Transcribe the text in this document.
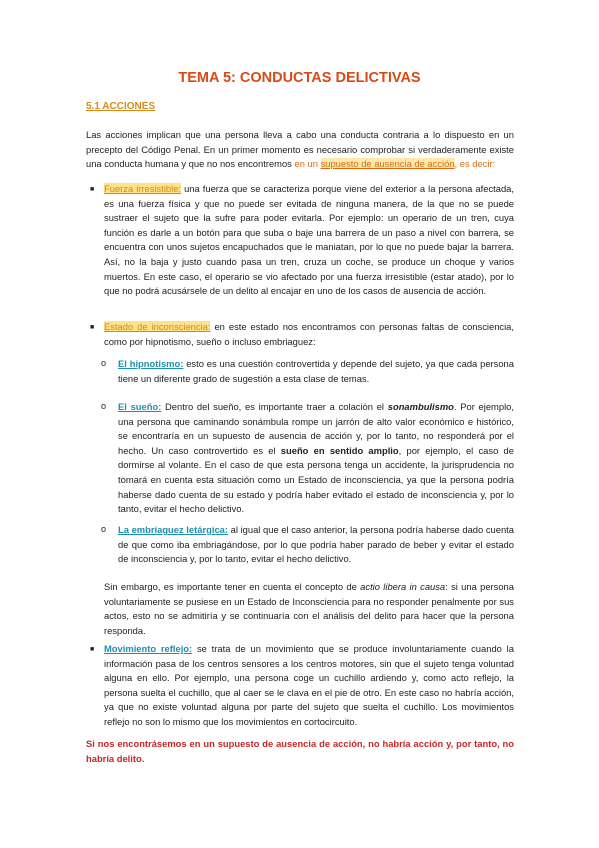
TEMA 5: CONDUCTAS DELICTIVAS
5.1 ACCIONES
Las acciones implican que una persona lleva a cabo una conducta contraria a lo dispuesto en un precepto del Código Penal. En un primer momento es necesario comprobar si verdaderamente existe una conducta humana y que no nos encontremos en un supuesto de ausencia de acción, es decir:
■ Fuerza irresistible: una fuerza que se caracteriza porque viene del exterior a la persona afectada, es una fuerza física y que no puede ser evitada de ninguna manera, de la que no se puede sustraer el sujeto que la sufre para poder evitarla. Por ejemplo: un operario de un tren, cuya función es darle a un botón para que suba o baje una barrera de un paso a nivel con barrera, se encuentra con unos sujetos encapuchados que le maniatan, por lo que no puede bajar la barrera. Así, no la baja y justo cuando pasa un tren, cruza un coche, se produce un choque y varios muertos. En este caso, el operario se vio afectado por una fuerza irresistible (estar atado), por lo que no podrá acusársele de un delito al encajar en uno de los casos de ausencia de acción.
■ Estado de inconsciencia: en este estado nos encontramos con personas faltas de consciencia, como por hipnotismo, sueño o incluso embriaguez:
o El hipnotismo: esto es una cuestión controvertida y depende del sujeto, ya que cada persona tiene un diferente grado de sugestión a esta clase de temas.
o El sueño: Dentro del sueño, es importante traer a colación el sonambulismo. Por ejemplo, una persona que caminando sonámbula rompe un jarrón de alto valor económico e histórico, se encontraría en un supuesto de ausencia de acción y, por lo tanto, no responderá por el hecho. Un caso controvertido es el sueño en sentido amplio, por ejemplo, el caso de dormirse al volante. En el caso de que esta persona tenga un accidente, la jurisprudencia no tomará en cuenta esta situación como un Estado de inconsciencia, ya que la persona podría haberse dado cuenta de su estado y podría haber evitado el estado de inconsciencia y, por lo tanto, evitar el hecho delictivo.
o La embriaguez letárgica: al igual que el caso anterior, la persona podría haberse dado cuenta de que como iba embriagándose, por lo que podría haber parado de beber y evitar el estado de inconsciencia y, por lo tanto, evitar el hecho delictivo.
Sin embargo, es importante tener en cuenta el concepto de actio libera in causa: si una persona voluntariamente se pusiese en un Estado de Inconsciencia para no responder penalmente por sus actos, esto no se admitiría y se continuaría con el análisis del delito para hacer que la persona responda.
■ Movimiento reflejo: se trata de un movimiento que se produce involuntariamente cuando la información pasa de los centros sensores a los centros motores, sin que el sujeto tenga voluntad alguna en ello. Por ejemplo, una persona coge un cuchillo ardiendo y, como acto reflejo, la persona suelta el cuchillo, que al caer se le clava en el pie de otro. En este caso no habría acción, ya que no existe voluntad alguna por parte del sujeto que suelta el cuchillo. Los movimientos reflejo no son lo mismo que los movimientos en cortocircuito.
Si nos encontrásemos en un supuesto de ausencia de acción, no habría acción y, por tanto, no habría delito.
